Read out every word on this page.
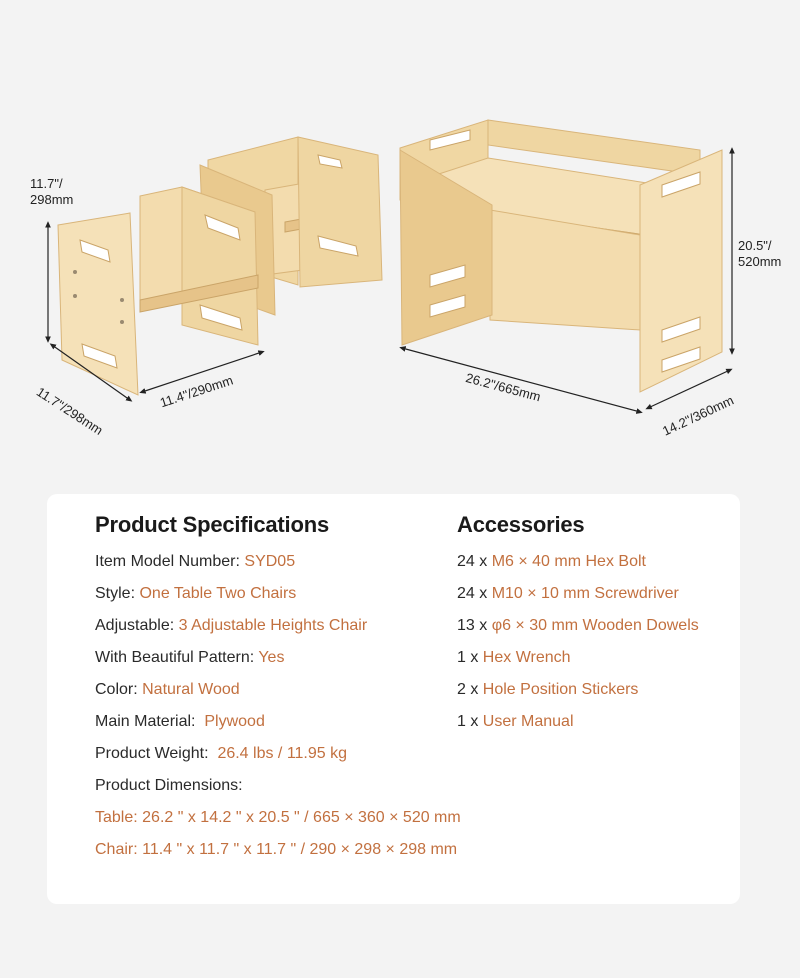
11.7"/
298mm
11.7"/298mm	11.4"/290mm
20.5"/
520mm
26.2"/665mm
14.2"/360mm
Product Specifications
Item Model Number: SYD05
Style: One Table Two Chairs
Adjustable: 3 Adjustable Heights Chair
With Beautiful Pattern: Yes
Color: Natural Wood
Main Material:  Plywood
Product Weight:  26.4 lbs / 11.95 kg
Product Dimensions:
Table: 26.2 " x 14.2 " x 20.5 " / 665 × 360 × 520 mm
Chair: 11.4 " x 11.7 " x 11.7 " / 290 × 298 × 298 mm
Accessories
24 x M6 × 40 mm Hex Bolt
24 x M10 × 10 mm Screwdriver
13 x φ6 × 30 mm Wooden Dowels
1 x Hex Wrench
2 x Hole Position Stickers
1 x User Manual
